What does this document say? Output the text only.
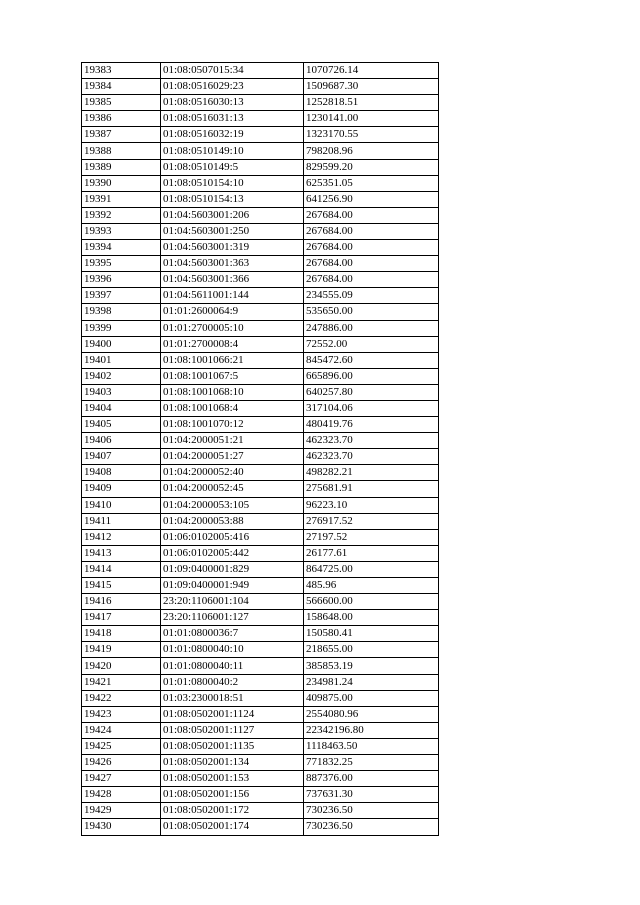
19383	01:08:0507015:34	1070726.14
19384	01:08:0516029:23	1509687.30
19385	01:08:0516030:13	1252818.51
19386	01:08:0516031:13	1230141.00
19387	01:08:0516032:19	1323170.55
19388	01:08:0510149:10	798208.96
19389	01:08:0510149:5	829599.20
19390	01:08:0510154:10	625351.05
19391	01:08:0510154:13	641256.90
19392	01:04:5603001:206	267684.00
19393	01:04:5603001:250	267684.00
19394	01:04:5603001:319	267684.00
19395	01:04:5603001:363	267684.00
19396	01:04:5603001:366	267684.00
19397	01:04:5611001:144	234555.09
19398	01:01:2600064:9	535650.00
19399	01:01:2700005:10	247886.00
19400	01:01:2700008:4	72552.00
19401	01:08:1001066:21	845472.60
19402	01:08:1001067:5	665896.00
19403	01:08:1001068:10	640257.80
19404	01:08:1001068:4	317104.06
19405	01:08:1001070:12	480419.76
19406	01:04:2000051:21	462323.70
19407	01:04:2000051:27	462323.70
19408	01:04:2000052:40	498282.21
19409	01:04:2000052:45	275681.91
19410	01:04:2000053:105	96223.10
19411	01:04:2000053:88	276917.52
19412	01:06:0102005:416	27197.52
19413	01:06:0102005:442	26177.61
19414	01:09:0400001:829	864725.00
19415	01:09:0400001:949	485.96
19416	23:20:1106001:104	566600.00
19417	23:20:1106001:127	158648.00
19418	01:01:0800036:7	150580.41
19419	01:01:0800040:10	218655.00
19420	01:01:0800040:11	385853.19
19421	01:01:0800040:2	234981.24
19422	01:03:2300018:51	409875.00
19423	01:08:0502001:1124	2554080.96
19424	01:08:0502001:1127	22342196.80
19425	01:08:0502001:1135	1118463.50
19426	01:08:0502001:134	771832.25
19427	01:08:0502001:153	887376.00
19428	01:08:0502001:156	737631.30
19429	01:08:0502001:172	730236.50
19430	01:08:0502001:174	730236.50
